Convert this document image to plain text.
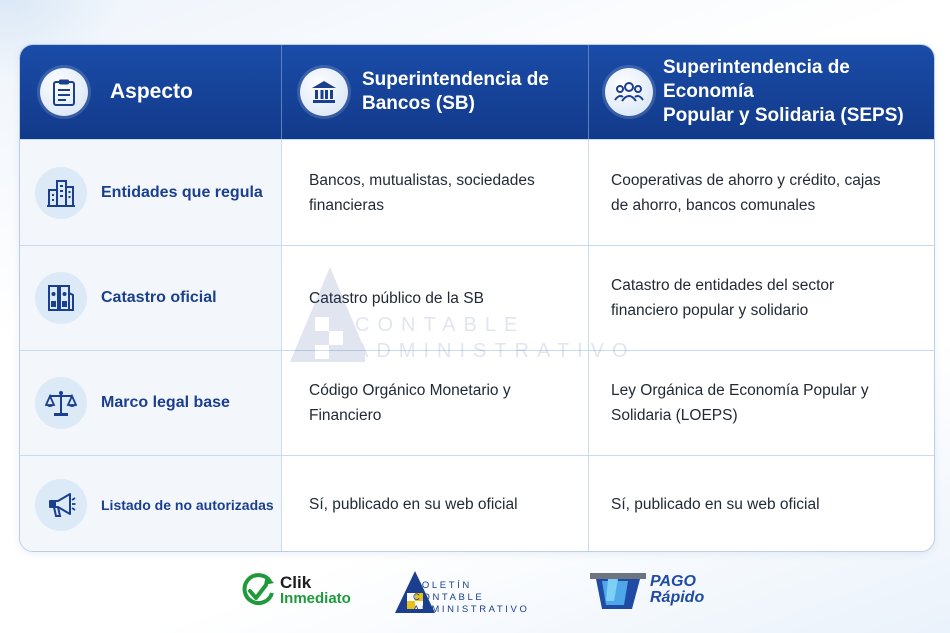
Aspecto
Superintendencia de
Bancos (SB)
Superintendencia de Economía
Popular y Solidaria (SEPS)
Entidades que regula
Bancos, mutualistas, sociedades
financieras
Cooperativas de ahorro y crédito, cajas
de ahorro, bancos comunales
Catastro oficial	Catastro público de la SB
Catastro de entidades del sector
financiero popular y solidario
Marco legal base
Código Orgánico Monetario y
Financiero
Ley Orgánica de Economía Popular y
Solidaria (LOEPS)
Listado de no autorizadas Sí, publicado en su web oficial	Sí, publicado en su web oficial
Clik
Inmediato
BOLETÍN
CONTABLE
ADMINISTRATIVO
PAGO
Rápido
